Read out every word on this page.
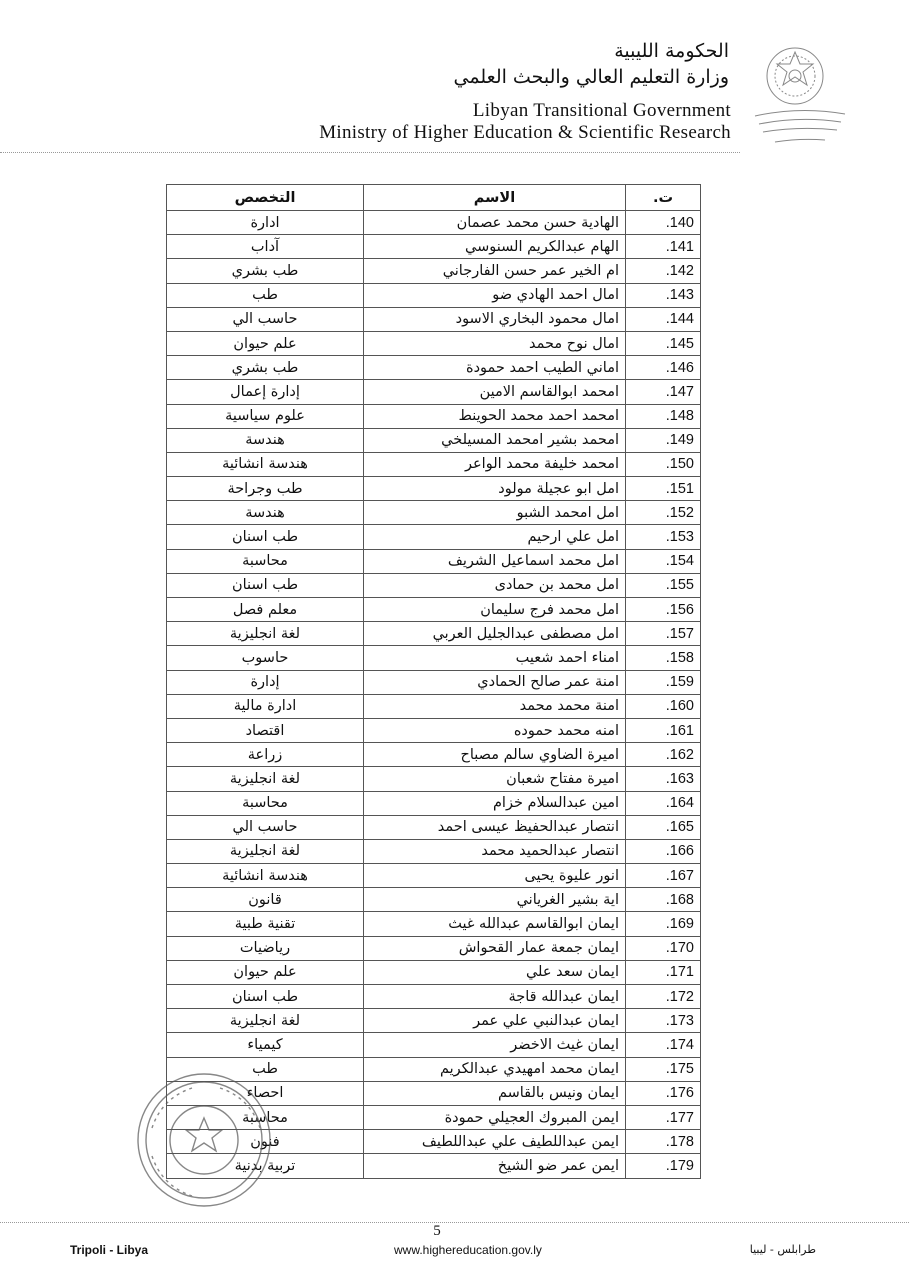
الحكومة الليبية
وزارة التعليم العالي والبحث العلمي
Libyan Transitional Government
Ministry of Higher Education & Scientific Research
ت.	الاسم	التخصص
140.	الهادية حسن محمد عصمان	ادارة
141.	الهام عبدالكريم السنوسي	آداب
142.	ام الخير عمر حسن الفارجاني	طب بشري
143.	امال احمد الهادي ضو	طب
144.	امال محمود البخاري الاسود	حاسب الي
145.	امال نوح محمد	علم حيوان
146.	اماني الطيب احمد حمودة	طب بشري
147.	امحمد ابوالقاسم الامين	إدارة إعمال
148.	امحمد احمد محمد الحوينط	علوم سياسية
149.	امحمد بشير امحمد المسيلخي	هندسة
150.	امحمد خليفة محمد الواعر	هندسة انشائية
151.	امل ابو عجيلة مولود	طب وجراحة
152.	امل امحمد الشبو	هندسة
153.	امل علي ارحيم	طب اسنان
154.	امل محمد اسماعيل الشريف	محاسبة
155.	امل محمد بن حمادى	طب اسنان
156.	امل محمد فرج سليمان	معلم فصل
157.	امل مصطفى عبدالجليل العربي	لغة انجليزية
158.	امناء احمد شعيب	حاسوب
159.	امنة عمر صالح الحمادي	إدارة
160.	امنة محمد محمد	ادارة مالية
161.	امنه محمد حموده	اقتصاد
162.	اميرة الضاوي سالم مصباح	زراعة
163.	اميرة مفتاح شعبان	لغة انجليزية
164.	امين عبدالسلام خزام	محاسبة
165.	انتصار عبدالحفيظ عيسى احمد	حاسب الي
166.	انتصار عبدالحميد محمد	لغة انجليزية
167.	انور عليوة يحيى	هندسة انشائية
168.	اية بشير الغرياني	قانون
169.	ايمان ابوالقاسم عبدالله غيث	تقنية طبية
170.	ايمان جمعة عمار القحواش	رياضيات
171.	ايمان سعد علي	علم حيوان
172.	ايمان عبدالله قاجة	طب اسنان
173.	ايمان عبدالنبي علي عمر	لغة انجليزية
174.	ايمان غيث الاخضر	كيمياء
175.	ايمان محمد امهيدي عبدالكريم	طب
176.	ايمان ونيس بالقاسم	احصاء
177.	ايمن المبروك العجيلي حمودة	محاسبة
178.	ايمن عبداللطيف علي عبداللطيف	فنون
179.	ايمن عمر ضو الشيخ	تربية بدنية
5
Tripoli - Libya	www.highereducation.gov.ly	طرابلس - ليبيا
